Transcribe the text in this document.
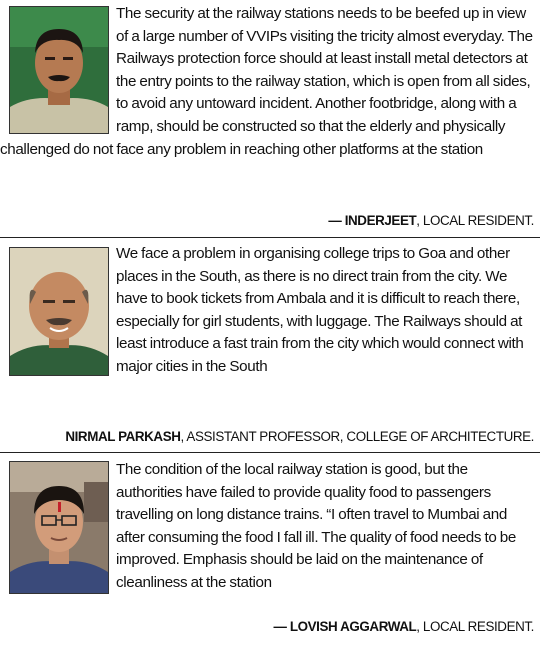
The security at the railway stations needs to be beefed up in view of a large number of VVIPs visiting the tricity almost everyday. The Railways protection force should at least install metal detectors at the entry points to the railway station, which is open from all sides, to avoid any untoward incident. Another footbridge, along with a ramp, should be constructed so that the elderly and physically challenged do not face any problem in reaching other platforms at the station

— INDERJEET, LOCAL RESIDENT.

We face a problem in organising college trips to Goa and other places in the South, as there is no direct train from the city. We have to book tickets from Ambala and it is difficult to reach there, especially for girl students, with luggage. The Railways should at least introduce a fast train from the city which would connect with major cities in the South

NIRMAL PARKASH, ASSISTANT PROFESSOR, COLLEGE OF ARCHITECTURE.

The condition of the local railway station is good, but the authorities have failed to provide quality food to passengers travelling on long distance trains. “I often travel to Mumbai and after consuming the food I fall ill. The quality of food needs to be improved. Emphasis should be laid on the maintenance of cleanliness at the station

— LOVISH AGGARWAL, LOCAL RESIDENT.
